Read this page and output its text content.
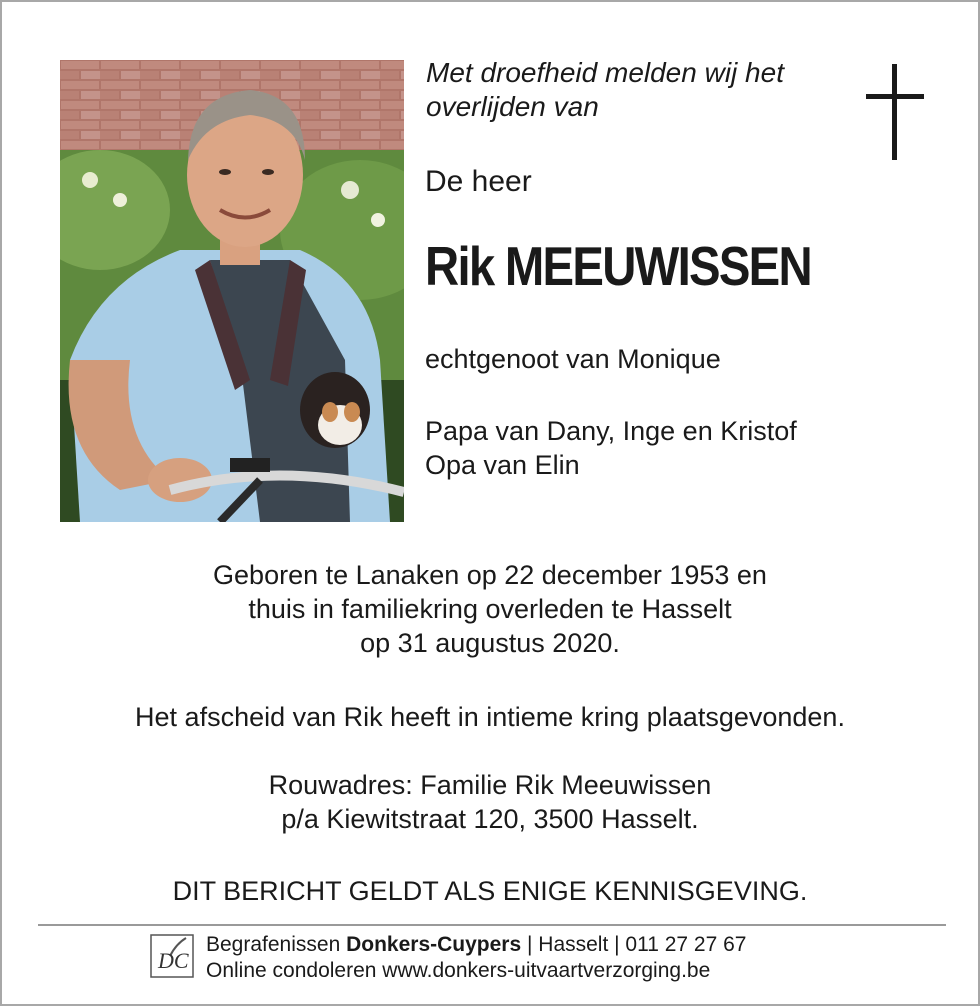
Met droefheid melden wij het
overlijden van
De heer
Rik MEEUWISSEN
echtgenoot van Monique
Papa van Dany, Inge en Kristof
Opa van Elin
Geboren te Lanaken op 22 december 1953 en
thuis in familiekring overleden te Hasselt
op 31 augustus 2020.
Het afscheid van Rik heeft in intieme kring plaatsgevonden.
Rouwadres: Familie Rik Meeuwissen
p/a Kiewitstraat 120, 3500 Hasselt.
DIT BERICHT GELDT ALS ENIGE KENNISGEVING.
DC
Begrafenissen Donkers-Cuypers | Hasselt | 011 27 27 67
Online condoleren www.donkers-uitvaartverzorging.be
